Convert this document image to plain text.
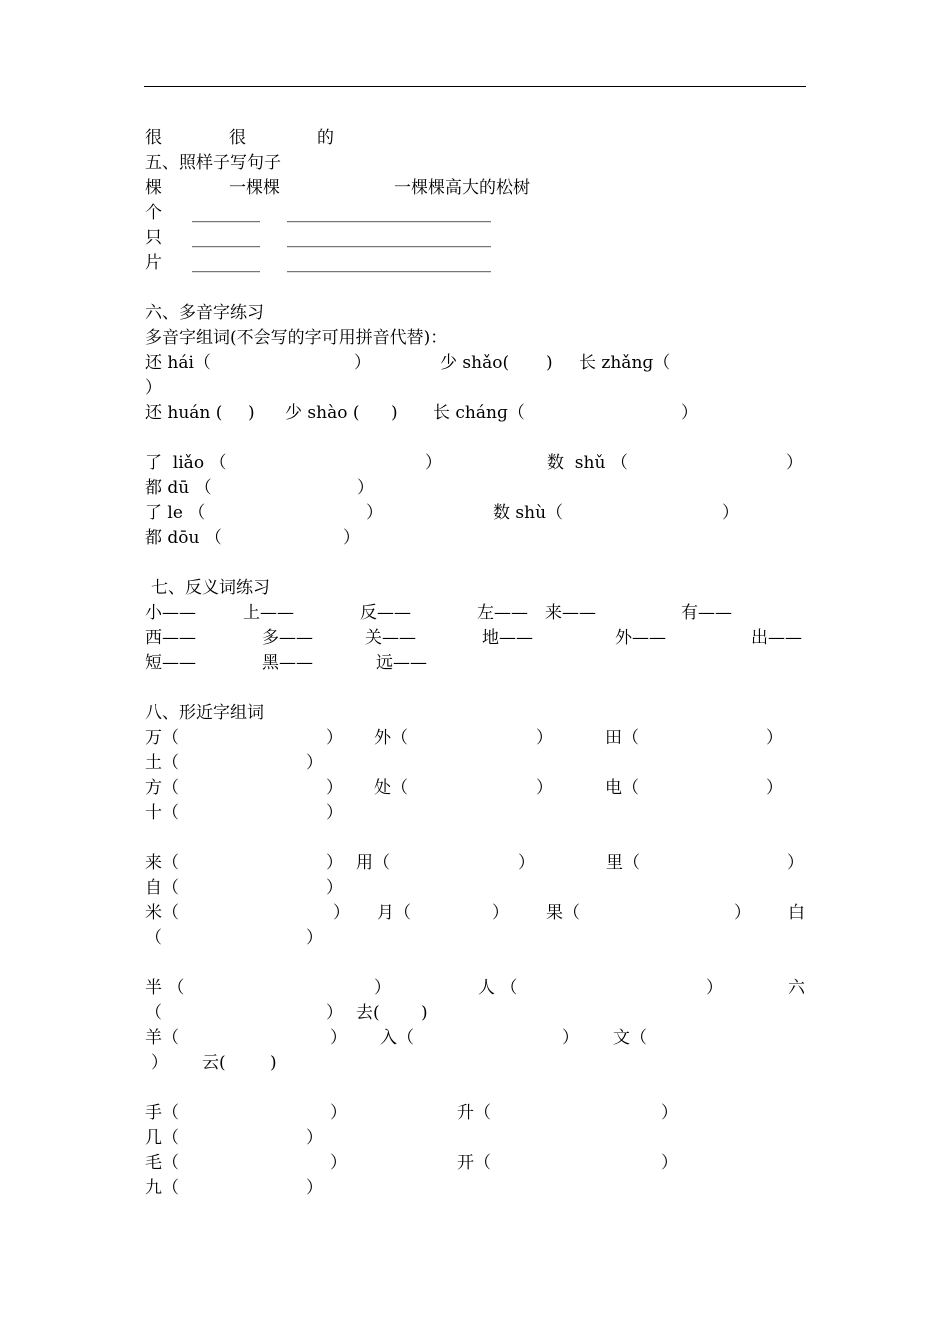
很	很	的
五、照样子写句子
棵	一棵棵	一棵棵高大的松树
个 ________ ________________________
只 ________ ________________________
片 ________ ________________________
六、多音字练习
多音字组词(不会写的字可用拼音代替)：
还 hái（	）	少 shǎo( ) 长 zhǎnɡ（
）
还 huán ( ) 少 shào ( ) 长 chánɡ（	）
了  liǎo （	）	数  shǔ （	）
都 dū （	）
了 le （	）	数 shù（	）
都 dōu （	）
七、反义词练习
小——	上——	反——	左—— 来——	有——
西——	多——	关——	地——	外——	出——
短——	黑——	远——
八、形近字组词
万（	） 外（	）	田（	）
土（	）
方（	） 处（	）	电（	）
十（	）
来（	） 用（	）	里（	）
自（	）
米（	） 月（	） 果（	） 白
（	）
半 （	）	人 （	）	六
（	） 去( )
羊（	） 入（	） 文（
） 云(	)
手（	）	升（	）
几（	）
毛（	）	开（	）
九（	）
